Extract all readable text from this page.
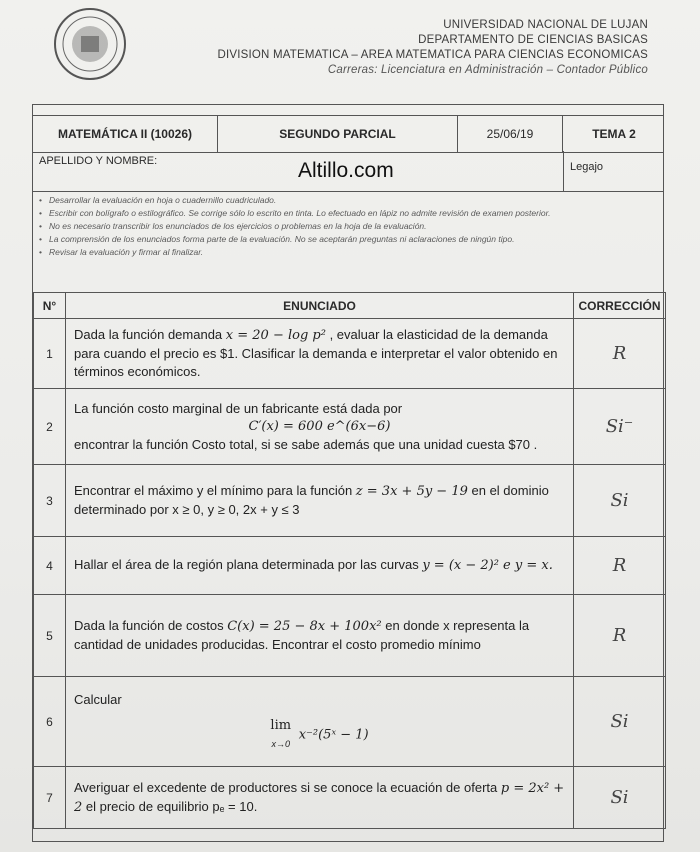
UNIVERSIDAD NACIONAL DE LUJAN
DEPARTAMENTO DE CIENCIAS BASICAS
DIVISION MATEMATICA – AREA MATEMATICA PARA CIENCIAS ECONOMICAS
Carreras: Licenciatura en Administración – Contador Público
MATEMÁTICA II (10026)	SEGUNDO PARCIAL	25/06/19	TEMA 2
APELLIDO Y NOMBRE:	Legajo
Altillo.com
• Desarrollar la evaluación en hoja o cuadernillo cuadriculado.
• Escribir con bolígrafo o estilográfico. Se corrige sólo lo escrito en tinta. Lo efectuado en lápiz no admite revisión de examen posterior.
• No es necesario transcribir los enunciados de los ejercicios o problemas en la hoja de la evaluación.
• La comprensión de los enunciados forma parte de la evaluación. No se aceptarán preguntas ni aclaraciones de ningún tipo.
• Revisar la evaluación y firmar al finalizar.
N°	ENUNCIADO	CORRECCIÓN
1	Dada la función demanda x = 20 − log p² , evaluar la elasticidad de la demanda para cuando el precio es $1. Clasificar la demanda e interpretar el valor obtenido en términos económicos.	R
2	La función costo marginal de un fabricante está dada por
C′(x) = 600 e^(6x−6)
encontrar la función Costo total, si se sabe además que una unidad cuesta $70 .	Si⁻
3	Encontrar el máximo y el mínimo para la función z = 3x + 5y − 19 en el dominio determinado por x ≥ 0, y ≥ 0, 2x + y ≤ 3	Si
4	Hallar el área de la región plana determinada por las curvas y = (x − 2)² e y = x.	R
5	Dada la función de costos C(x) = 25 − 8x + 100x² en donde x representa la cantidad de unidades producidas. Encontrar el costo promedio mínimo	R
6	Calcular
lim
x→0
x⁻²(5ˣ − 1)	Si
7	Averiguar el excedente de productores si se conoce la ecuación de oferta p = 2x² + 2 el precio de equilibrio pₑ = 10.	Si
